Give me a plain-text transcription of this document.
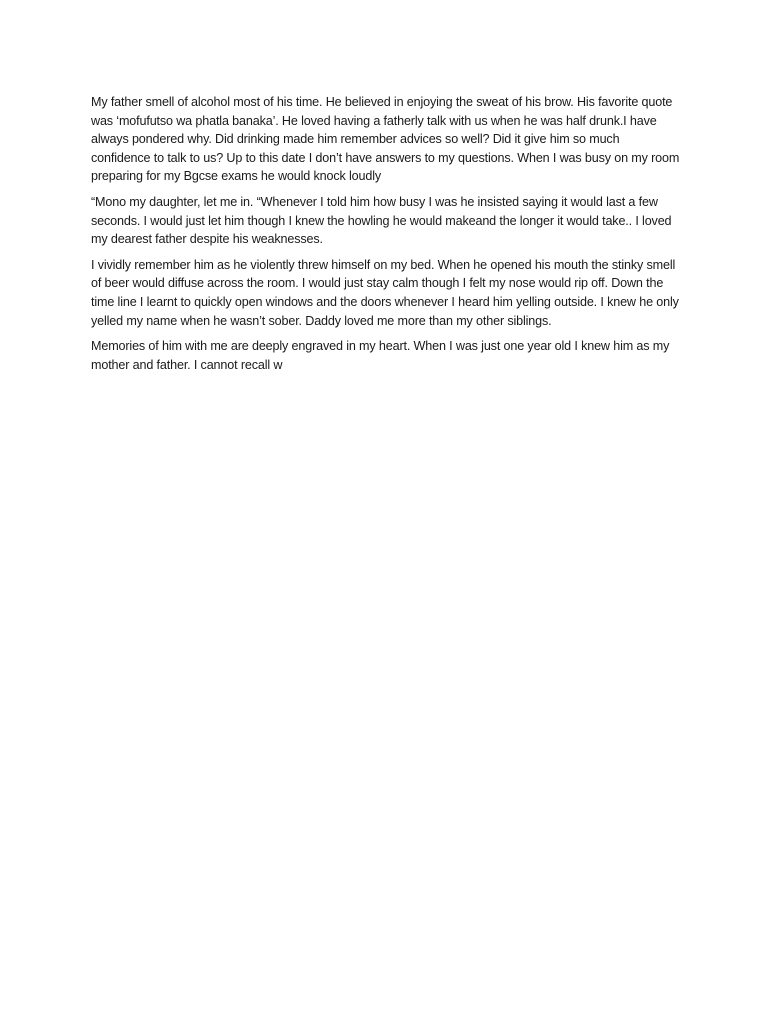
My father smell of alcohol most of his time. He believed in enjoying the sweat of his brow. His favorite quote was ‘mofufutso wa phatla banaka’. He loved having a fatherly talk with us when he was half drunk.I have always pondered why. Did drinking made him remember advices so well? Did it give him so much confidence to talk to us? Up to this date I don’t have answers to my questions. When I was busy on my room preparing for my Bgcse exams he would knock loudly

“Mono my daughter, let me in. “Whenever I told him how busy I was he insisted saying it would last a few seconds. I would just let him though I knew the howling he would makeand the longer it would take.. I loved my dearest father despite his weaknesses.

I vividly remember him as he violently threw himself on my bed. When he opened his mouth the stinky smell of beer would diffuse across the room. I would just stay calm though I felt my nose would rip off. Down the time line I learnt to quickly open windows and the doors whenever I heard him yelling outside. I knew he only yelled my name when he wasn’t sober. Daddy loved me more than my other siblings.

Memories of him with me are deeply engraved in my heart. When I was just one year old I knew him as my mother and father. I cannot recall w
